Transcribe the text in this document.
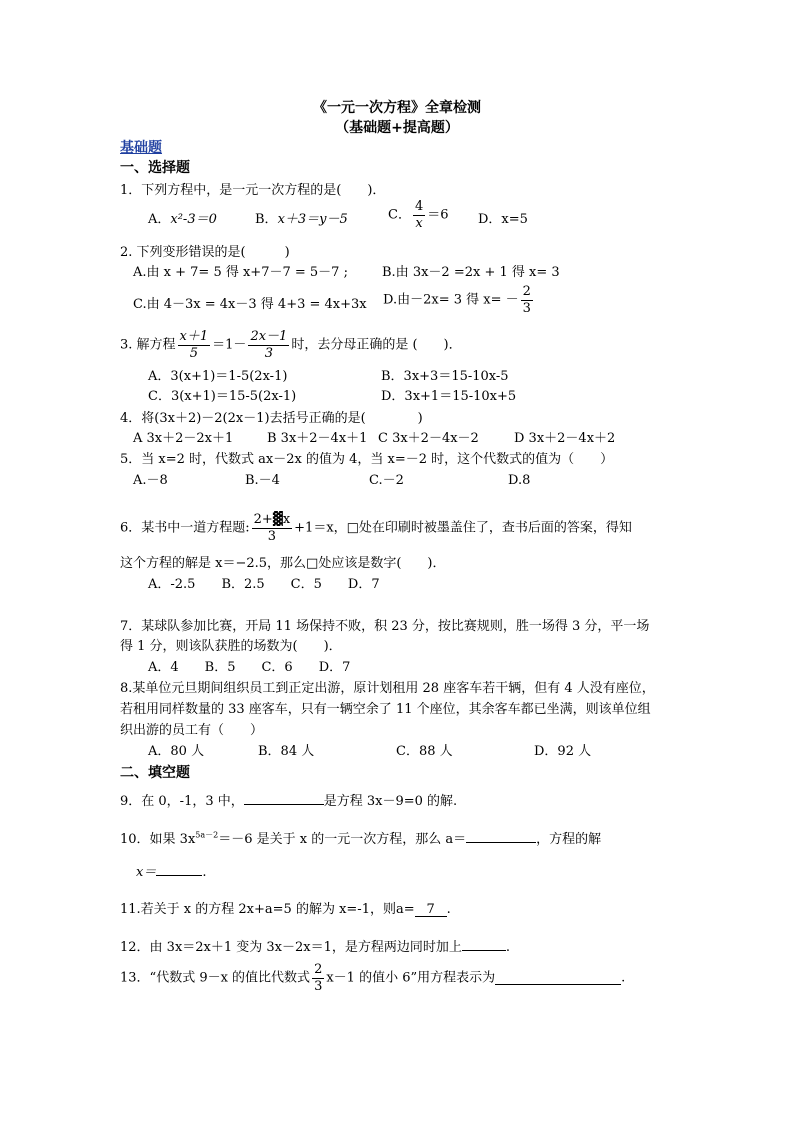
《一元一次方程》全章检测
（基础题+提高题）
基础题
一、选择题
1．下列方程中，是一元一次方程的是(　　)．
A．x²-3＝0	B．x＋3＝y－5	C． $\frac{4}{x} =6$ D．x=5
2. 下列变形错误的是(　　　)
A.由 x + 7= 5 得 x+7－7 = 5－7 ;	B.由 3x－2 =2x + 1 得 x= 3
C.由 4－3x = 4x－3 得 4+3 = 4x+3x D.由－2x= 3 得 $x= - \frac{2}{3}$
3. 解方程 $\frac{x+1}{5} =1- \frac{2x-1}{3}$ 时，去分母正确的是 (　　)．
A．3(x+1)＝1-5(2x-1)	B．3x+3＝15-10x-5
C．3(x+1)＝15-5(2x-1)	D．3x+1＝15-10x+5
4．将(3x＋2)－2(2x－1)去括号正确的是(　　　　)
A 3x＋2－2x＋1	B 3x＋2－4x＋1 C 3x＋2－4x－2	D 3x＋2－4x＋2
5．当 x=2 时，代数式 ax－2x 的值为 4，当 x=－2 时，这个代数式的值为（　　）
A.－8	B.－4	C.－2	D.8
6．某书中一道方程题: $\frac{2+▓x}{3} +1=x$，□处在印刷时被墨盖住了，查书后面的答案，得知
这个方程的解是 x＝−2.5，那么□处应该是数字(　　)．
A．-2.5　　B．2.5　　C．5　　D．7
7．某球队参加比赛，开局 11 场保持不败，积 23 分，按比赛规则，胜一场得 3 分，平一场
得 1 分，则该队获胜的场数为(　　)．
A．4　　B．5　　C．6　　D．7
8.某单位元旦期间组织员工到正定出游，原计划租用 28 座客车若干辆，但有 4 人没有座位，
若租用同样数量的 33 座客车，只有一辆空余了 11 个座位，其余客车都已坐满，则该单位组
织出游的员工有（　　）
A．80 人	B．84 人	C．88 人	D．92 人
二、填空题
9．在 0，-1，3 中，	是方程 3x－9=0 的解.
10．如果 $3x^{5a-2}=-6$ 是关于 x 的一元一次方程，那么 a＝	，方程的解
x＝	.
11.若关于 x 的方程 2x+a=5 的解为 x=-1，则a= 7 .
12．由 3x＝2x＋1 变为 3x－2x＝1，是方程两边同时加上	.
13．“代数式 9－x 的值比代数式 $\frac{2}{3} x-1$ 的值小 6”用方程表示为	.
